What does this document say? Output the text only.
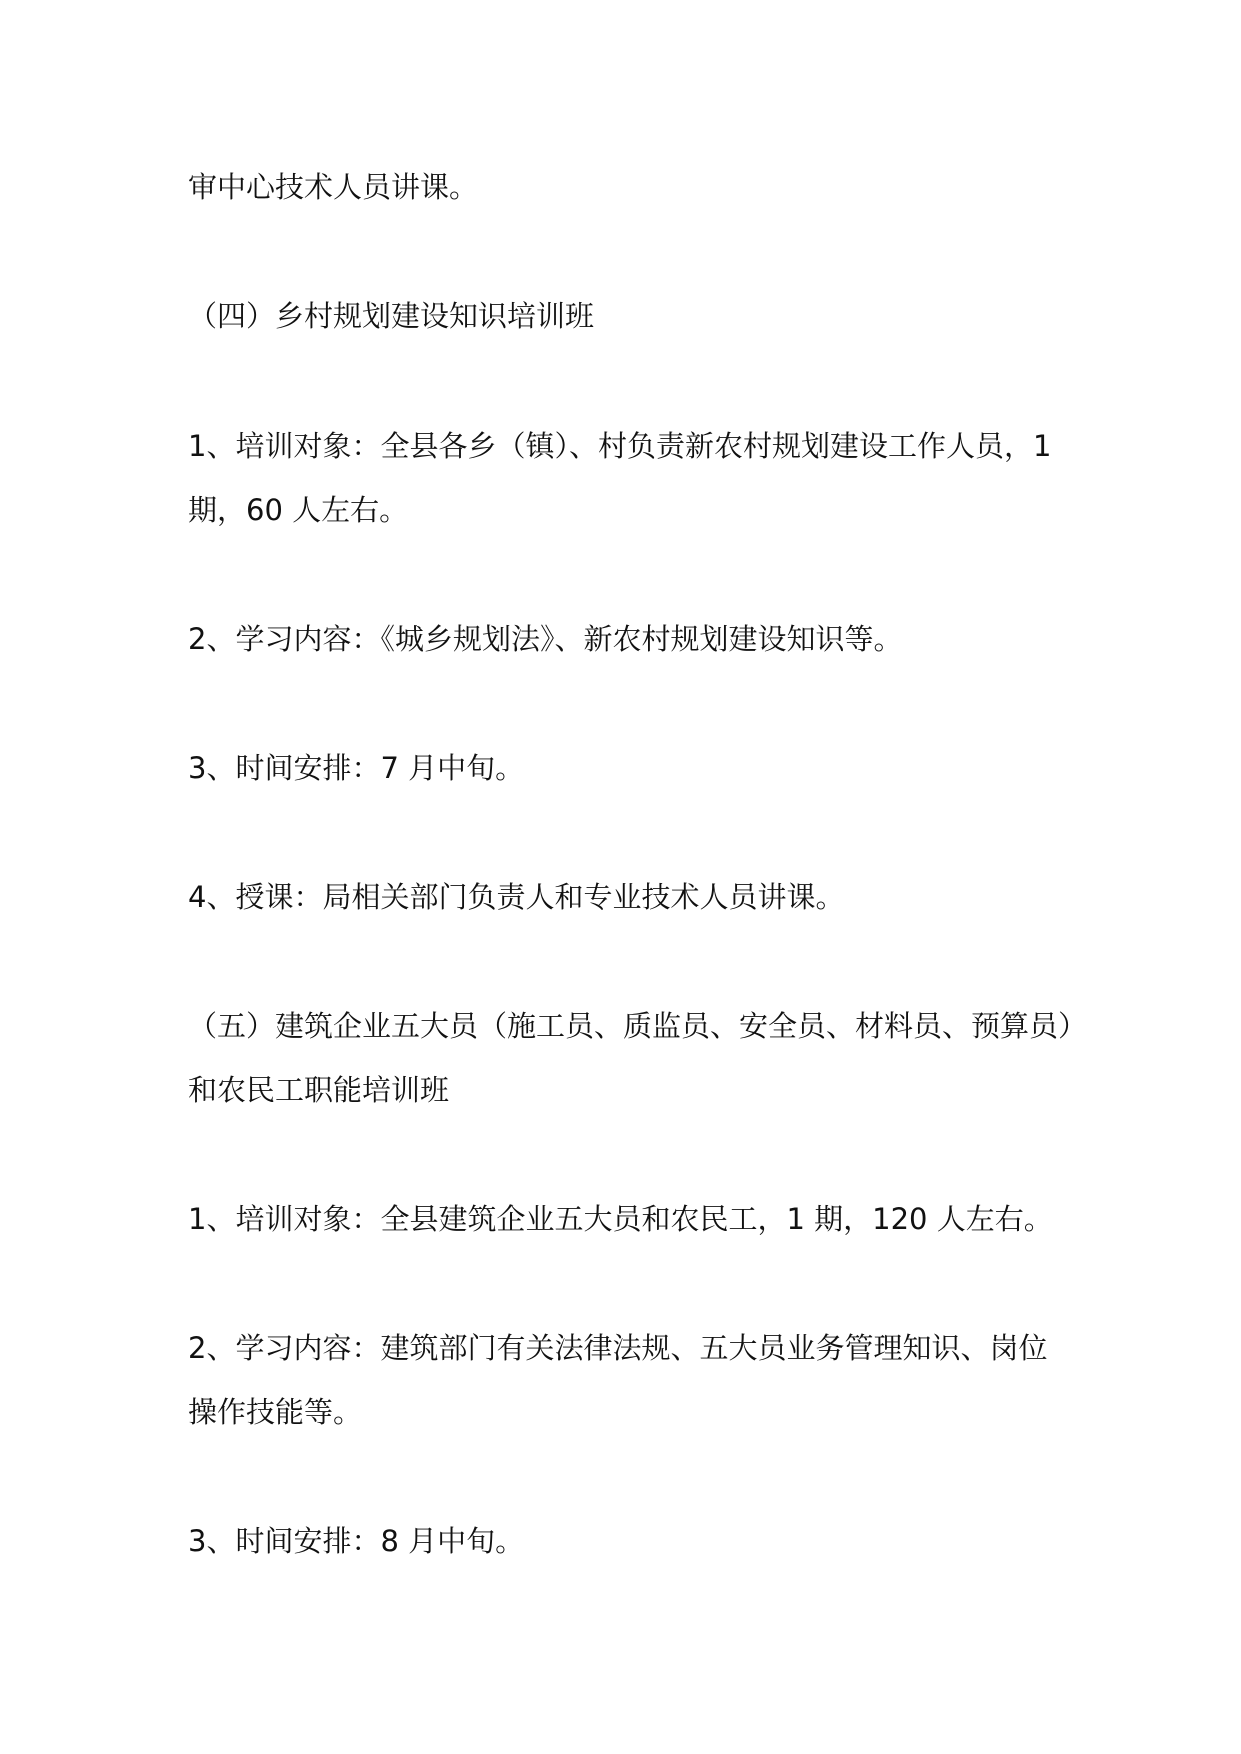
审中心技术人员讲课。
（四）乡村规划建设知识培训班
1、培训对象：全县各乡（镇）、村负责新农村规划建设工作人员，1
期，60 人左右。
2、学习内容：《城乡规划法》、新农村规划建设知识等。
3、时间安排：7 月中旬。
4、授课：局相关部门负责人和专业技术人员讲课。
（五）建筑企业五大员（施工员、质监员、安全员、材料员、预算员）
和农民工职能培训班
1、培训对象：全县建筑企业五大员和农民工，1 期，120 人左右。
2、学习内容：建筑部门有关法律法规、五大员业务管理知识、岗位
操作技能等。
3、时间安排：8 月中旬。
